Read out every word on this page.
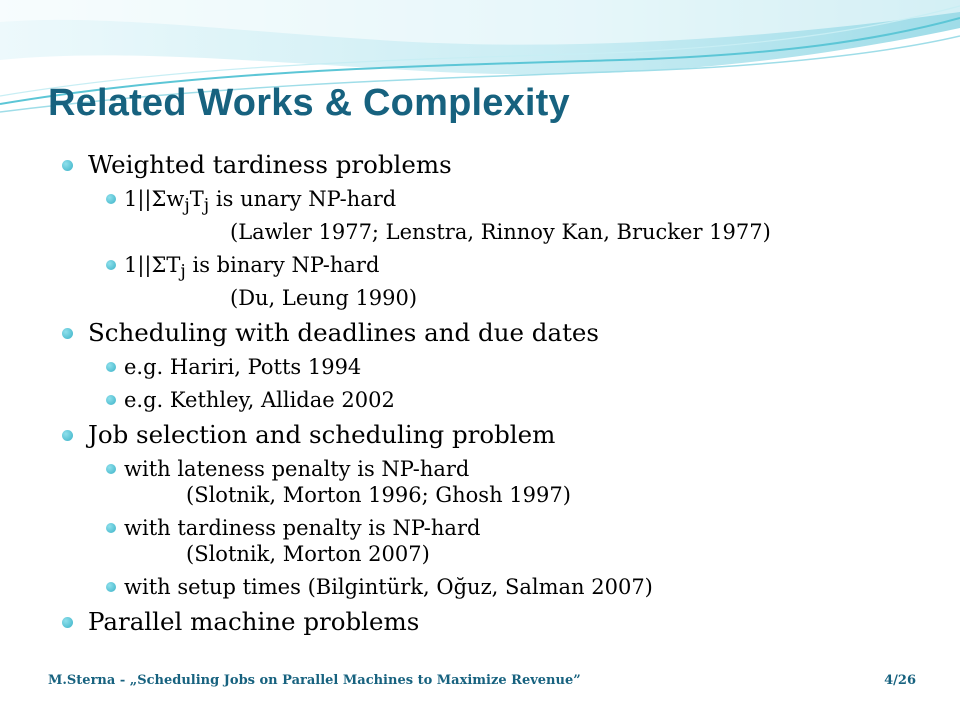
Related Works & Complexity
Weighted tardiness problems
$1||\Sigma w_jT_j$ is unary NP-hard
(Lawler 1977; Lenstra, Rinnoy Kan, Brucker 1977)
$1||\Sigma T_j$ is binary NP-hard
(Du, Leung 1990)
Scheduling with deadlines and due dates
e.g. Hariri, Potts 1994
e.g. Kethley, Allidae 2002
Job selection and scheduling problem
with lateness penalty is NP-hard
(Slotnik, Morton 1996; Ghosh 1997)
with tardiness penalty is NP-hard
(Slotnik, Morton 2007)
with setup times (Bilgintürk, Oğuz, Salman 2007)
Parallel machine problems
M.Sterna - „Scheduling Jobs on Parallel Machines to Maximize Revenue”	4/26
